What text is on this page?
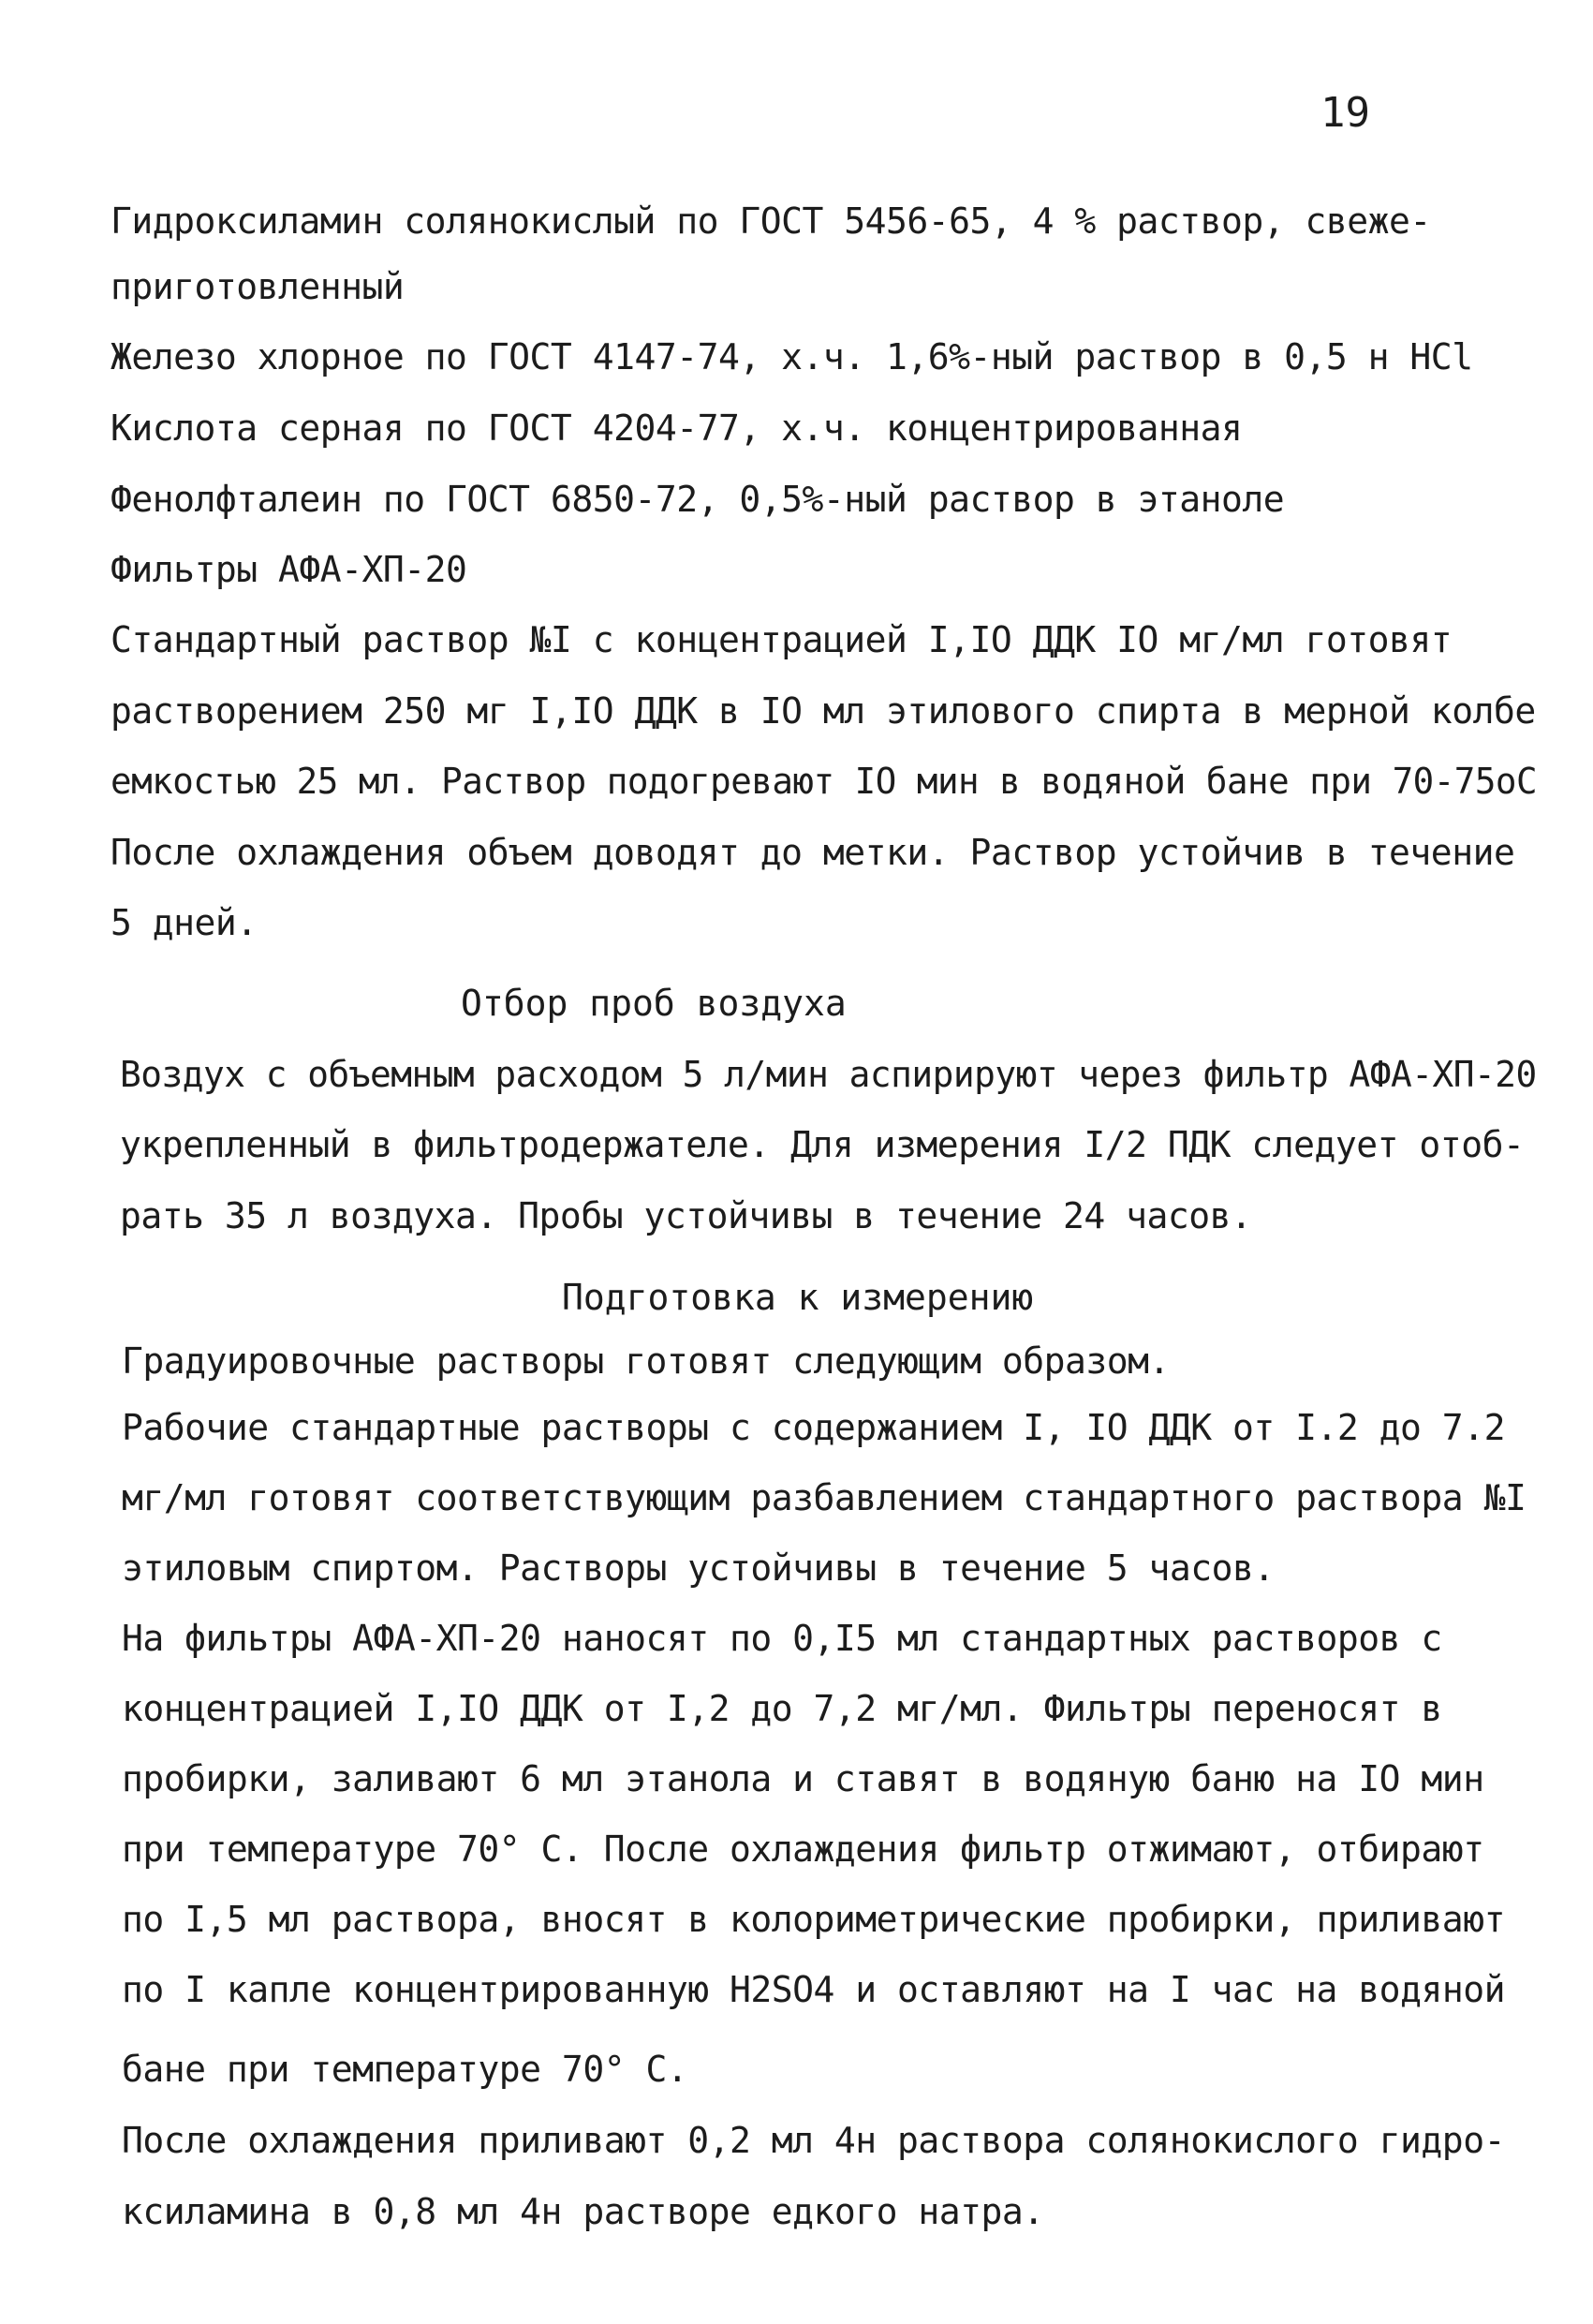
19
Гидроксиламин солянокислый по ГОСТ 5456-65, 4 % раствор, свеже-
приготовленный
Железо хлорное по ГОСТ 4147-74, х.ч. 1,6%-ный раствор в 0,5 н HCl
Кислота серная по ГОСТ 4204-77, х.ч. концентрированная
Фенолфталеин по ГОСТ 6850-72, 0,5%-ный раствор в этаноле
Фильтры АФА-ХП-20
Стандартный раствор №I с концентрацией I,IO ДДК IO мг/мл готовят
растворением 250 мг I,IO ДДК в IO мл этилового спирта в мерной колбе
емкостью 25 мл. Раствор подогревают IO мин в водяной бане при 70-75oC
После охлаждения объем доводят до метки. Раствор устойчив в течение
5 дней.
Отбор проб воздуха
Воздух с объемным расходом 5 л/мин аспирируют через фильтр АФА-ХП-20
укрепленный в фильтродержателе. Для измерения I/2 ПДК следует отоб-
рать 35 л воздуха. Пробы устойчивы в течение 24 часов.
Подготовка к измерению
Градуировочные растворы готовят следующим образом.
Рабочие стандартные растворы с содержанием I, IO ДДК от I.2 до 7.2
мг/мл готовят соответствующим разбавлением стандартного раствора №I
этиловым спиртом. Растворы устойчивы в течение 5 часов.
На фильтры АФА-ХП-20 наносят по 0,I5 мл стандартных растворов с
концентрацией I,IO ДДК от I,2 до 7,2 мг/мл. Фильтры переносят в
пробирки, заливают 6 мл этанола и ставят в водяную баню на IO мин
при температуре 70° С. После охлаждения фильтр отжимают, отбирают
по I,5 мл раствора, вносят в колориметрические пробирки, приливают
по I капле концентрированную H2SO4 и оставляют на I час на водяной
бане при температуре 70° С.
После охлаждения приливают 0,2 мл 4н раствора солянокислого гидро-
ксиламина в 0,8 мл 4н растворе едкого натра.
